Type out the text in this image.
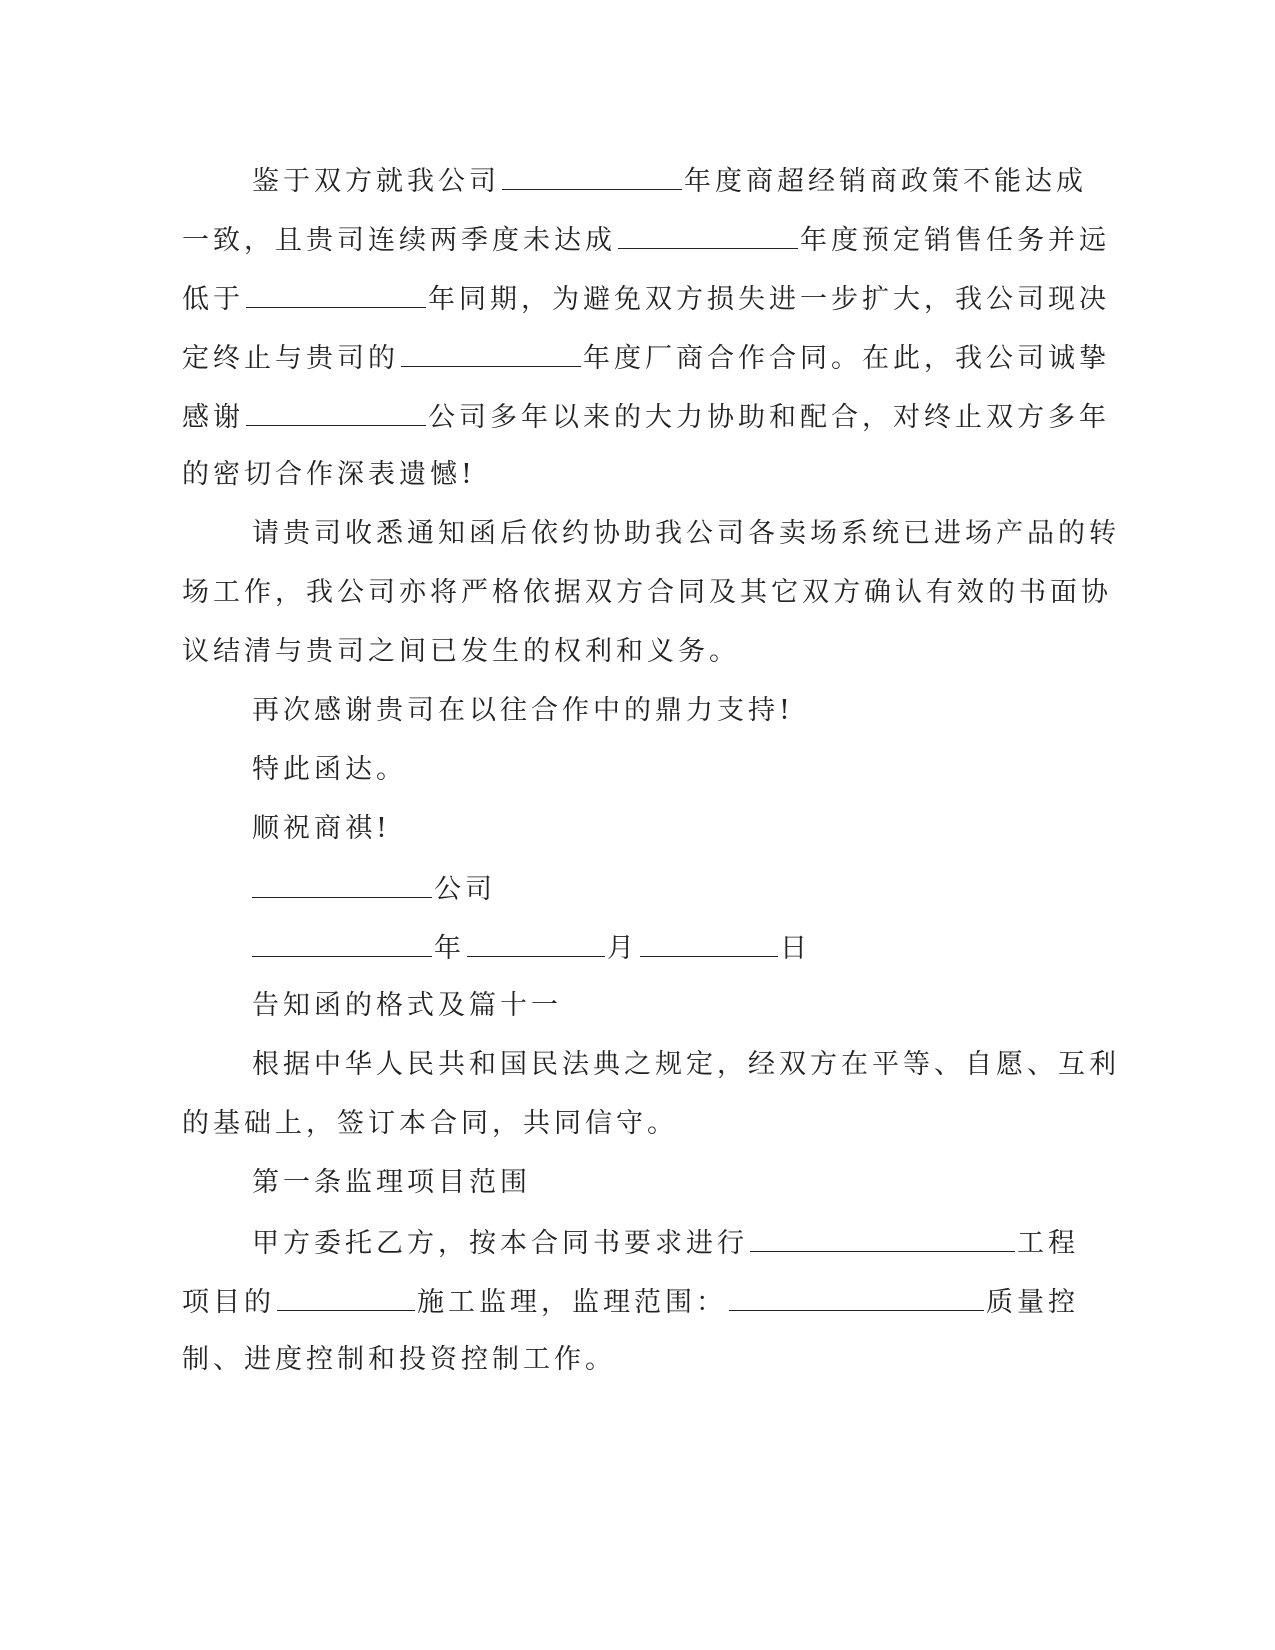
鉴于双方就我公司	年度商超经销商政策不能达成
一致，且贵司连续两季度未达成	年度预定销售任务并远
低于	年同期，为避免双方损失进一步扩大，我公司现决
定终止与贵司的	年度厂商合作合同。在此，我公司诚挚
感谢	公司多年以来的大力协助和配合，对终止双方多年
的密切合作深表遗憾!
请贵司收悉通知函后依约协助我公司各卖场系统已进场产品的转
场工作，我公司亦将严格依据双方合同及其它双方确认有效的书面协
议结清与贵司之间已发生的权利和义务。
再次感谢贵司在以往合作中的鼎力支持!
特此函达。
顺祝商祺!
公司
年	月	日
告知函的格式及篇十一
根据中华人民共和国民法典之规定，经双方在平等、自愿、互利
的基础上，签订本合同，共同信守。
第一条监理项目范围
甲方委托乙方，按本合同书要求进行	工程
项目的	施工监理，监理范围：	质量控
制、进度控制和投资控制工作。
